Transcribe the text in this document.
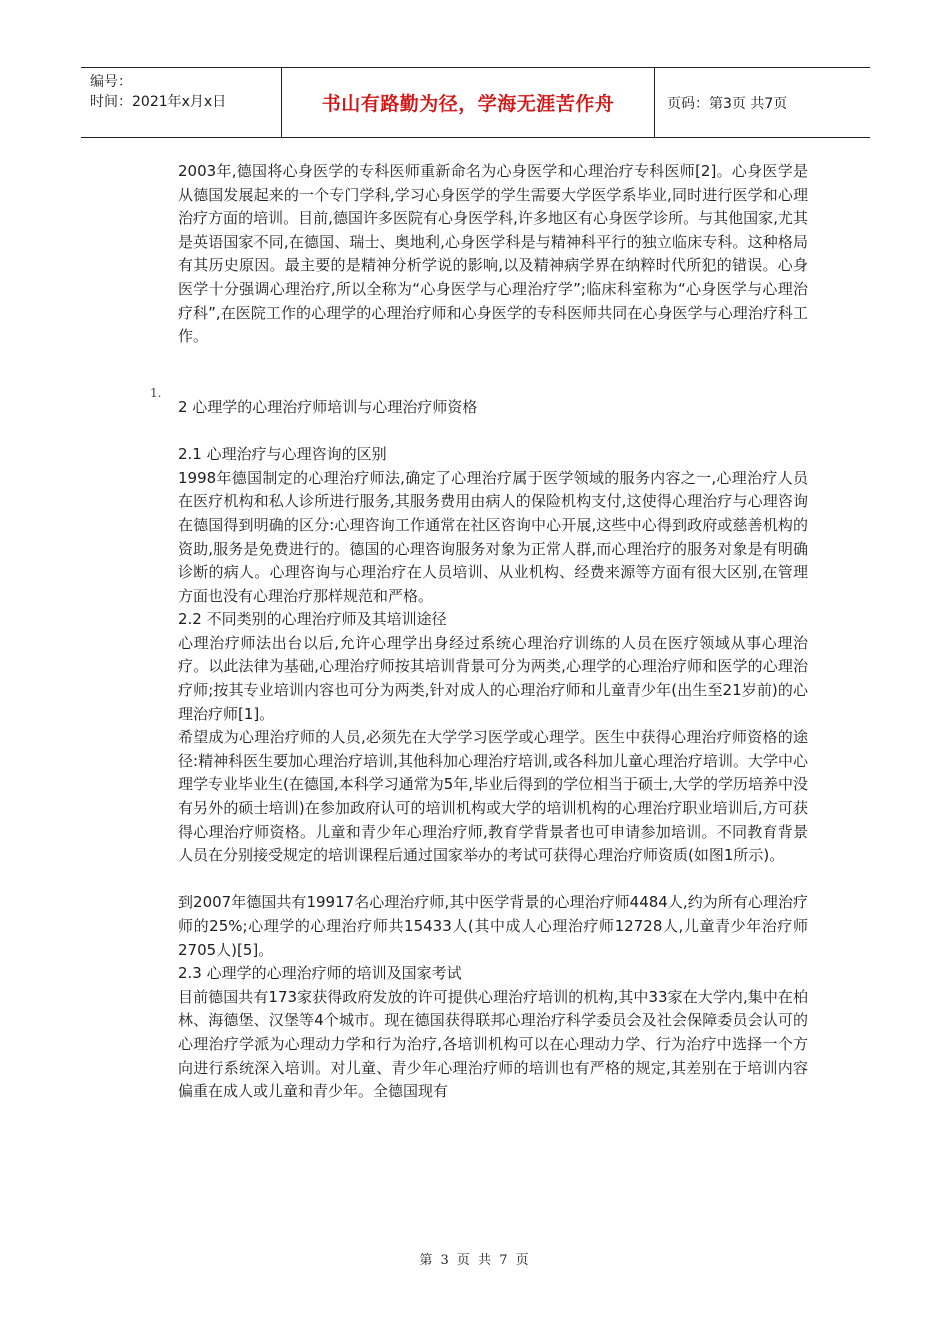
编号：
时间：2021年x月x日	书山有路勤为径，学海无涯苦作舟	页码：第3页 共7页

2003年,德国将心身医学的专科医师重新命名为心身医学和心理治疗专科医师[2]。心身医学是从德国发展起来的一个专门学科,学习心身医学的学生需要大学医学系毕业,同时进行医学和心理治疗方面的培训。目前,德国许多医院有心身医学科,许多地区有心身医学诊所。与其他国家,尤其是英语国家不同,在德国、瑞士、奥地利,心身医学科是与精神科平行的独立临床专科。这种格局有其历史原因。最主要的是精神分析学说的影响,以及精神病学界在纳粹时代所犯的错误。心身医学十分强调心理治疗,所以全称为“心身医学与心理治疗学”;临床科室称为“心身医学与心理治疗科”,在医院工作的心理学的心理治疗师和心身医学的专科医师共同在心身医学与心理治疗科工作。

2 心理学的心理治疗师培训与心理治疗师资格

2.1 心理治疗与心理咨询的区别

1998年德国制定的心理治疗师法,确定了心理治疗属于医学领域的服务内容之一,心理治疗人员在医疗机构和私人诊所进行服务,其服务费用由病人的保险机构支付,这使得心理治疗与心理咨询在德国得到明确的区分:心理咨询工作通常在社区咨询中心开展,这些中心得到政府或慈善机构的资助,服务是免费进行的。德国的心理咨询服务对象为正常人群,而心理治疗的服务对象是有明确诊断的病人。心理咨询与心理治疗在人员培训、从业机构、经费来源等方面有很大区别,在管理方面也没有心理治疗那样规范和严格。

2.2 不同类别的心理治疗师及其培训途径

心理治疗师法出台以后,允许心理学出身经过系统心理治疗训练的人员在医疗领域从事心理治疗。以此法律为基础,心理治疗师按其培训背景可分为两类,心理学的心理治疗师和医学的心理治疗师;按其专业培训内容也可分为两类,针对成人的心理治疗师和儿童青少年(出生至21岁前)的心理治疗师[1]。

希望成为心理治疗师的人员,必须先在大学学习医学或心理学。医生中获得心理治疗师资格的途径:精神科医生要加心理治疗培训,其他科加心理治疗培训,或各科加儿童心理治疗培训。大学中心理学专业毕业生(在德国,本科学习通常为5年,毕业后得到的学位相当于硕士,大学的学历培养中没有另外的硕士培训)在参加政府认可的培训机构或大学的培训机构的心理治疗职业培训后,方可获得心理治疗师资格。儿童和青少年心理治疗师,教育学背景者也可申请参加培训。不同教育背景人员在分别接受规定的培训课程后通过国家举办的考试可获得心理治疗师资质(如图1所示)。

到2007年德国共有19917名心理治疗师,其中医学背景的心理治疗师4484人,约为所有心理治疗师的25%;心理学的心理治疗师共15433人(其中成人心理治疗师12728人,儿童青少年治疗师2705人)[5]。

2.3 心理学的心理治疗师的培训及国家考试

目前德国共有173家获得政府发放的许可提供心理治疗培训的机构,其中33家在大学内,集中在柏林、海德堡、汉堡等4个城市。现在德国获得联邦心理治疗科学委员会及社会保障委员会认可的心理治疗学派为心理动力学和行为治疗,各培训机构可以在心理动力学、行为治疗中选择一个方向进行系统深入培训。对儿童、青少年心理治疗师的培训也有严格的规定,其差别在于培训内容偏重在成人或儿童和青少年。全德国现有

1.
第 3 页 共 7 页
